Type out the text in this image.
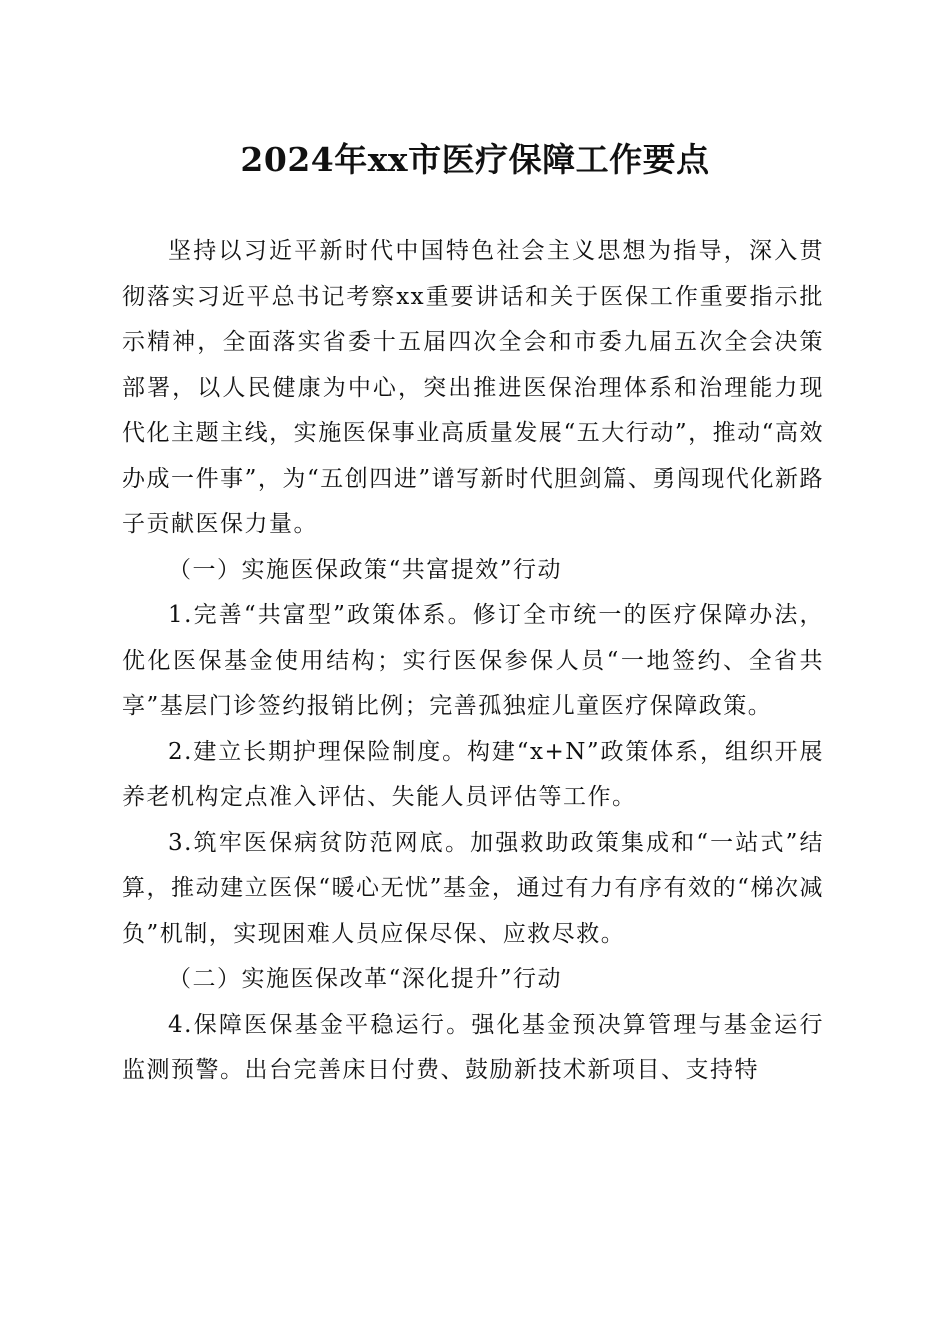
2024年xx市医疗保障工作要点

坚持以习近平新时代中国特色社会主义思想为指导，深入贯彻落实习近平总书记考察xx重要讲话和关于医保工作重要指示批示精神，全面落实省委十五届四次全会和市委九届五次全会决策部署，以人民健康为中心，突出推进医保治理体系和治理能力现代化主题主线，实施医保事业高质量发展“五大行动”，推动“高效办成一件事”，为“五创四进”谱写新时代胆剑篇、勇闯现代化新路子贡献医保力量。

（一）实施医保政策“共富提效”行动

1.完善“共富型”政策体系。修订全市统一的医疗保障办法，优化医保基金使用结构；实行医保参保人员“一地签约、全省共享”基层门诊签约报销比例；完善孤独症儿童医疗保障政策。

2.建立长期护理保险制度。构建“x+N”政策体系，组织开展养老机构定点准入评估、失能人员评估等工作。

3.筑牢医保病贫防范网底。加强救助政策集成和“一站式”结算，推动建立医保“暖心无忧”基金，通过有力有序有效的“梯次减负”机制，实现困难人员应保尽保、应救尽救。

（二）实施医保改革“深化提升”行动

4.保障医保基金平稳运行。强化基金预决算管理与基金运行监测预警。出台完善床日付费、鼓励新技术新项目、支持特
